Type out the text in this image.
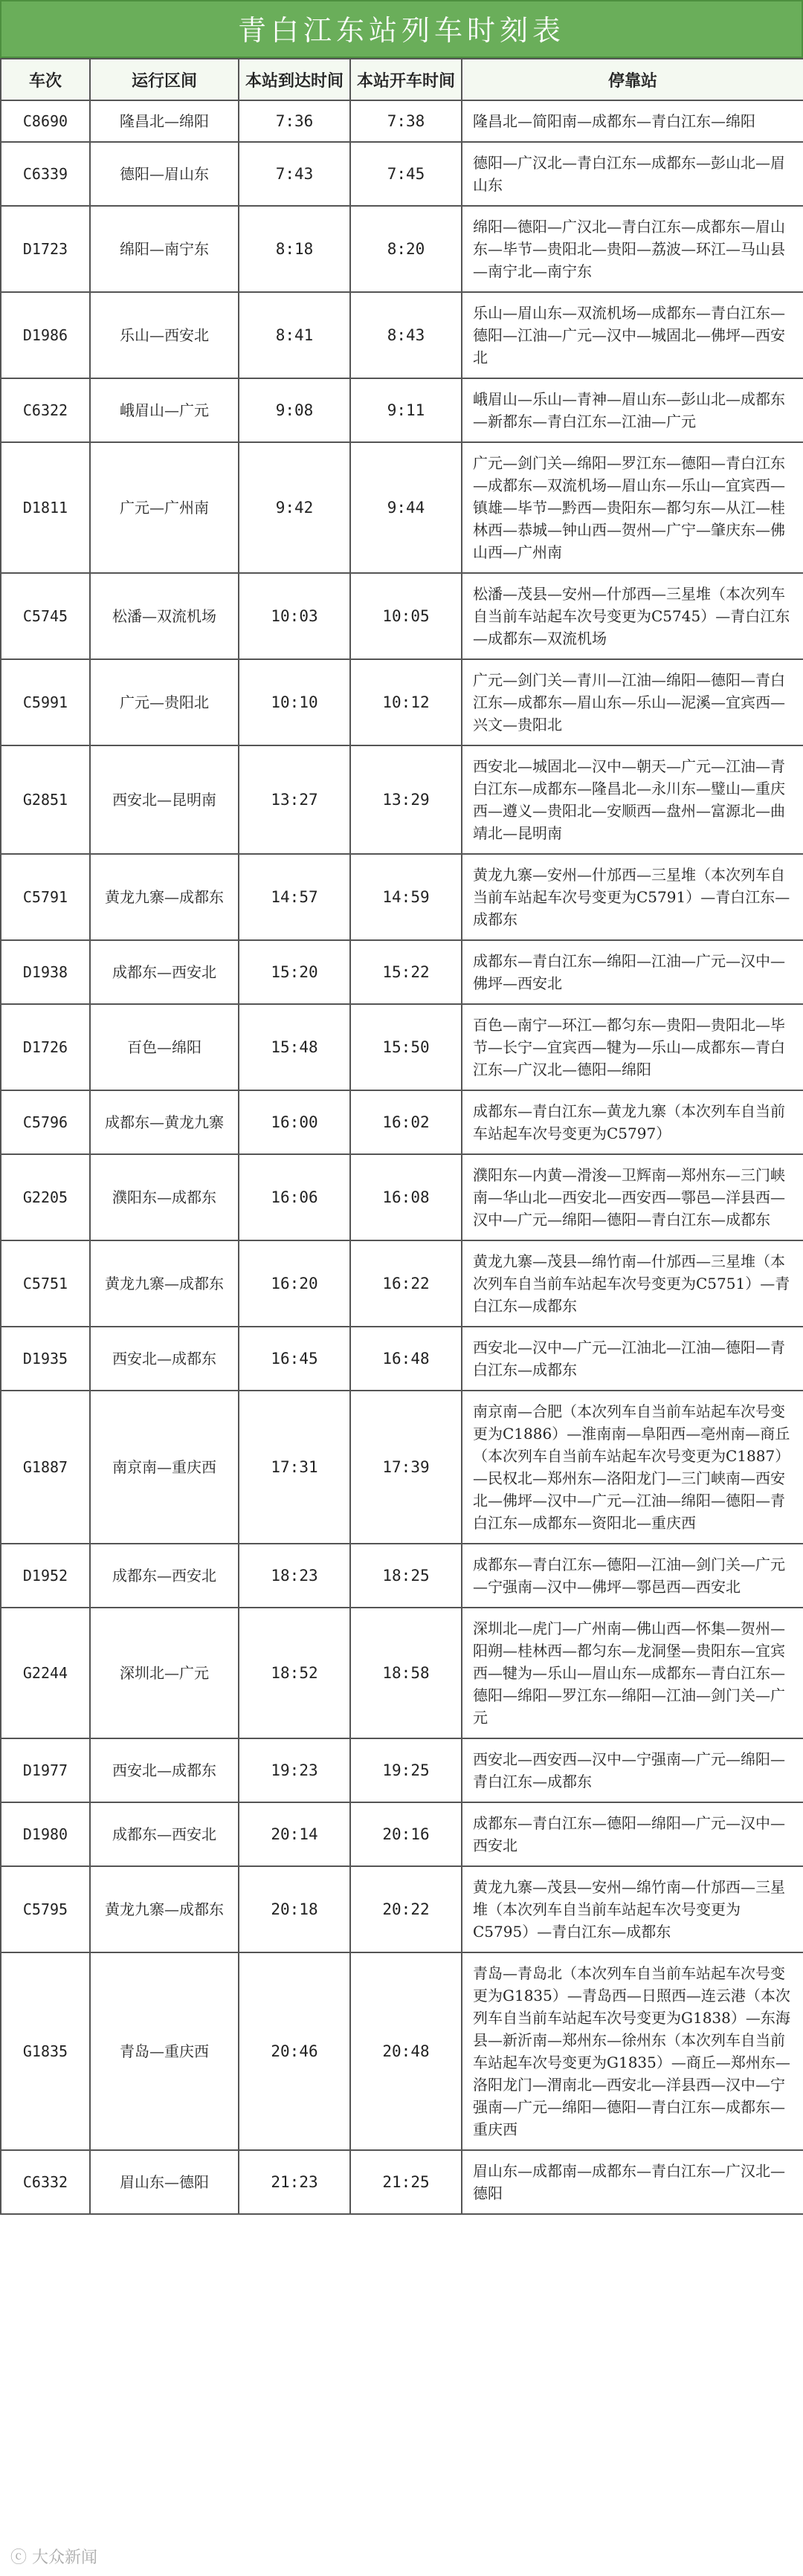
青白江东站列车时刻表
车次	运行区间	本站到达时间	本站开车时间	停靠站
C8690	隆昌北—绵阳	7:36	7:38	隆昌北—简阳南—成都东—青白江东—绵阳
C6339	德阳—眉山东	7:43	7:45	德阳—广汉北—青白江东—成都东—彭山北—眉山东
D1723	绵阳—南宁东	8:18	8:20	绵阳—德阳—广汉北—青白江东—成都东—眉山东—毕节—贵阳北—贵阳—荔波—环江—马山县—南宁北—南宁东
D1986	乐山—西安北	8:41	8:43	乐山—眉山东—双流机场—成都东—青白江东—德阳—江油—广元—汉中—城固北—佛坪—西安北
C6322	峨眉山—广元	9:08	9:11	峨眉山—乐山—青神—眉山东—彭山北—成都东—新都东—青白江东—江油—广元
D1811	广元—广州南	9:42	9:44	广元—剑门关—绵阳—罗江东—德阳—青白江东—成都东—双流机场—眉山东—乐山—宜宾西—镇雄—毕节—黔西—贵阳东—都匀东—从江—桂林西—恭城—钟山西—贺州—广宁—肇庆东—佛山西—广州南
C5745	松潘—双流机场	10:03	10:05	松潘—茂县—安州—什邡西—三星堆（本次列车自当前车站起车次号变更为C5745）—青白江东—成都东—双流机场
C5991	广元—贵阳北	10:10	10:12	广元—剑门关—青川—江油—绵阳—德阳—青白江东—成都东—眉山东—乐山—泥溪—宜宾西—兴文—贵阳北
G2851	西安北—昆明南	13:27	13:29	西安北—城固北—汉中—朝天—广元—江油—青白江东—成都东—隆昌北—永川东—璧山—重庆西—遵义—贵阳北—安顺西—盘州—富源北—曲靖北—昆明南
C5791	黄龙九寨—成都东	14:57	14:59	黄龙九寨—安州—什邡西—三星堆（本次列车自当前车站起车次号变更为C5791）—青白江东—成都东
D1938	成都东—西安北	15:20	15:22	成都东—青白江东—绵阳—江油—广元—汉中—佛坪—西安北
D1726	百色—绵阳	15:48	15:50	百色—南宁—环江—都匀东—贵阳—贵阳北—毕节—长宁—宜宾西—犍为—乐山—成都东—青白江东—广汉北—德阳—绵阳
C5796	成都东—黄龙九寨	16:00	16:02	成都东—青白江东—黄龙九寨（本次列车自当前车站起车次号变更为C5797）
G2205	濮阳东—成都东	16:06	16:08	濮阳东—内黄—滑浚—卫辉南—郑州东—三门峡南—华山北—西安北—西安西—鄠邑—洋县西—汉中—广元—绵阳—德阳—青白江东—成都东
C5751	黄龙九寨—成都东	16:20	16:22	黄龙九寨—茂县—绵竹南—什邡西—三星堆（本次列车自当前车站起车次号变更为C5751）—青白江东—成都东
D1935	西安北—成都东	16:45	16:48	西安北—汉中—广元—江油北—江油—德阳—青白江东—成都东
G1887	南京南—重庆西	17:31	17:39	南京南—合肥（本次列车自当前车站起车次号变更为C1886）—淮南南—阜阳西—亳州南—商丘（本次列车自当前车站起车次号变更为C1887）—民权北—郑州东—洛阳龙门—三门峡南—西安北—佛坪—汉中—广元—江油—绵阳—德阳—青白江东—成都东—资阳北—重庆西
D1952	成都东—西安北	18:23	18:25	成都东—青白江东—德阳—江油—剑门关—广元—宁强南—汉中—佛坪—鄠邑西—西安北
G2244	深圳北—广元	18:52	18:58	深圳北—虎门—广州南—佛山西—怀集—贺州—阳朔—桂林西—都匀东—龙洞堡—贵阳东—宜宾西—犍为—乐山—眉山东—成都东—青白江东—德阳—绵阳—罗江东—绵阳—江油—剑门关—广元
D1977	西安北—成都东	19:23	19:25	西安北—西安西—汉中—宁强南—广元—绵阳—青白江东—成都东
D1980	成都东—西安北	20:14	20:16	成都东—青白江东—德阳—绵阳—广元—汉中—西安北
C5795	黄龙九寨—成都东	20:18	20:22	黄龙九寨—茂县—安州—绵竹南—什邡西—三星堆（本次列车自当前车站起车次号变更为C5795）—青白江东—成都东
G1835	青岛—重庆西	20:46	20:48	青岛—青岛北（本次列车自当前车站起车次号变更为G1835）—青岛西—日照西—连云港（本次列车自当前车站起车次号变更为G1838）—东海县—新沂南—郑州东—徐州东（本次列车自当前车站起车次号变更为G1835）—商丘—郑州东—洛阳龙门—渭南北—西安北—洋县西—汉中—宁强南—广元—绵阳—德阳—青白江东—成都东—重庆西
C6332	眉山东—德阳	21:23	21:25	眉山东—成都南—成都东—青白江东—广汉北—德阳
ⓒ 大众新闻
